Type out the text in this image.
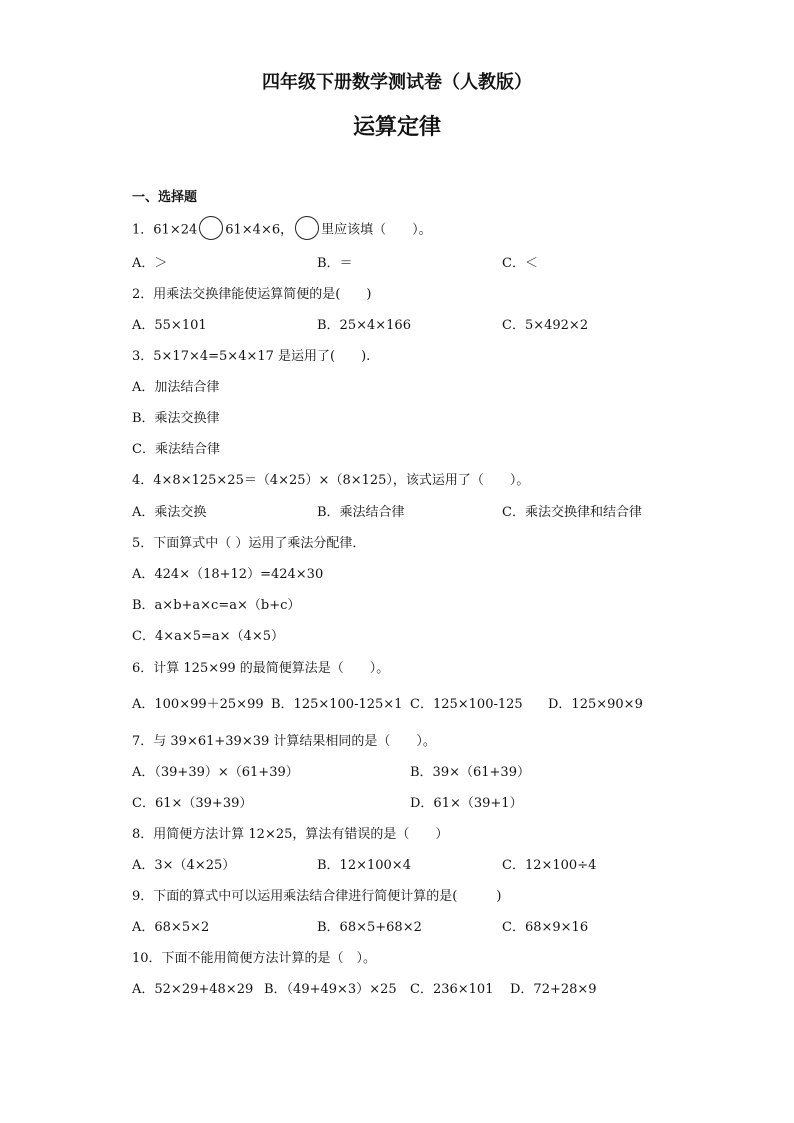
四年级下册数学测试卷（人教版）
运算定律
一、选择题
1．61×24 61×4×6， 里应该填（　　）。
A．＞	B．＝	C．＜
2．用乘法交换律能使运算简便的是(　　)
A．55×101	B．25×4×166	C．5×492×2
3．5×17×4=5×4×17 是运用了(　　).
A．加法结合律
B．乘法交换律
C．乘法结合律
4．4×8×125×25＝（4×25）×（8×125），该式运用了（　　）。
A．乘法交换	B．乘法结合律	C．乘法交换律和结合律
5．下面算式中（ ）运用了乘法分配律．
A．424×（18+12）=424×30
B．a×b+a×c=a×（b+c）
C．4×a×5=a×（4×5）
6．计算 125×99 的最简便算法是（　　）。
A．100×99＋25×99 B．125×100-125×1 C．125×100-125 D．125×90×9
7．与 39×61+39×39 计算结果相同的是（　　）。
A．（39+39）×（61+39）	B．39×（61+39）
C．61×（39+39）	D．61×（39+1）
8．用简便方法计算 12×25，算法有错误的是（　　）
A．3×（4×25）	B．12×100×4	C．12×100÷4
9．下面的算式中可以运用乘法结合律进行简便计算的是(　　　)
A．68×5×2	B．68×5+68×2	C．68×9×16
10．下面不能用简便方法计算的是（　）。
A．52×29+48×29 B．（49+49×3）×25 C．236×101 D．72+28×9
